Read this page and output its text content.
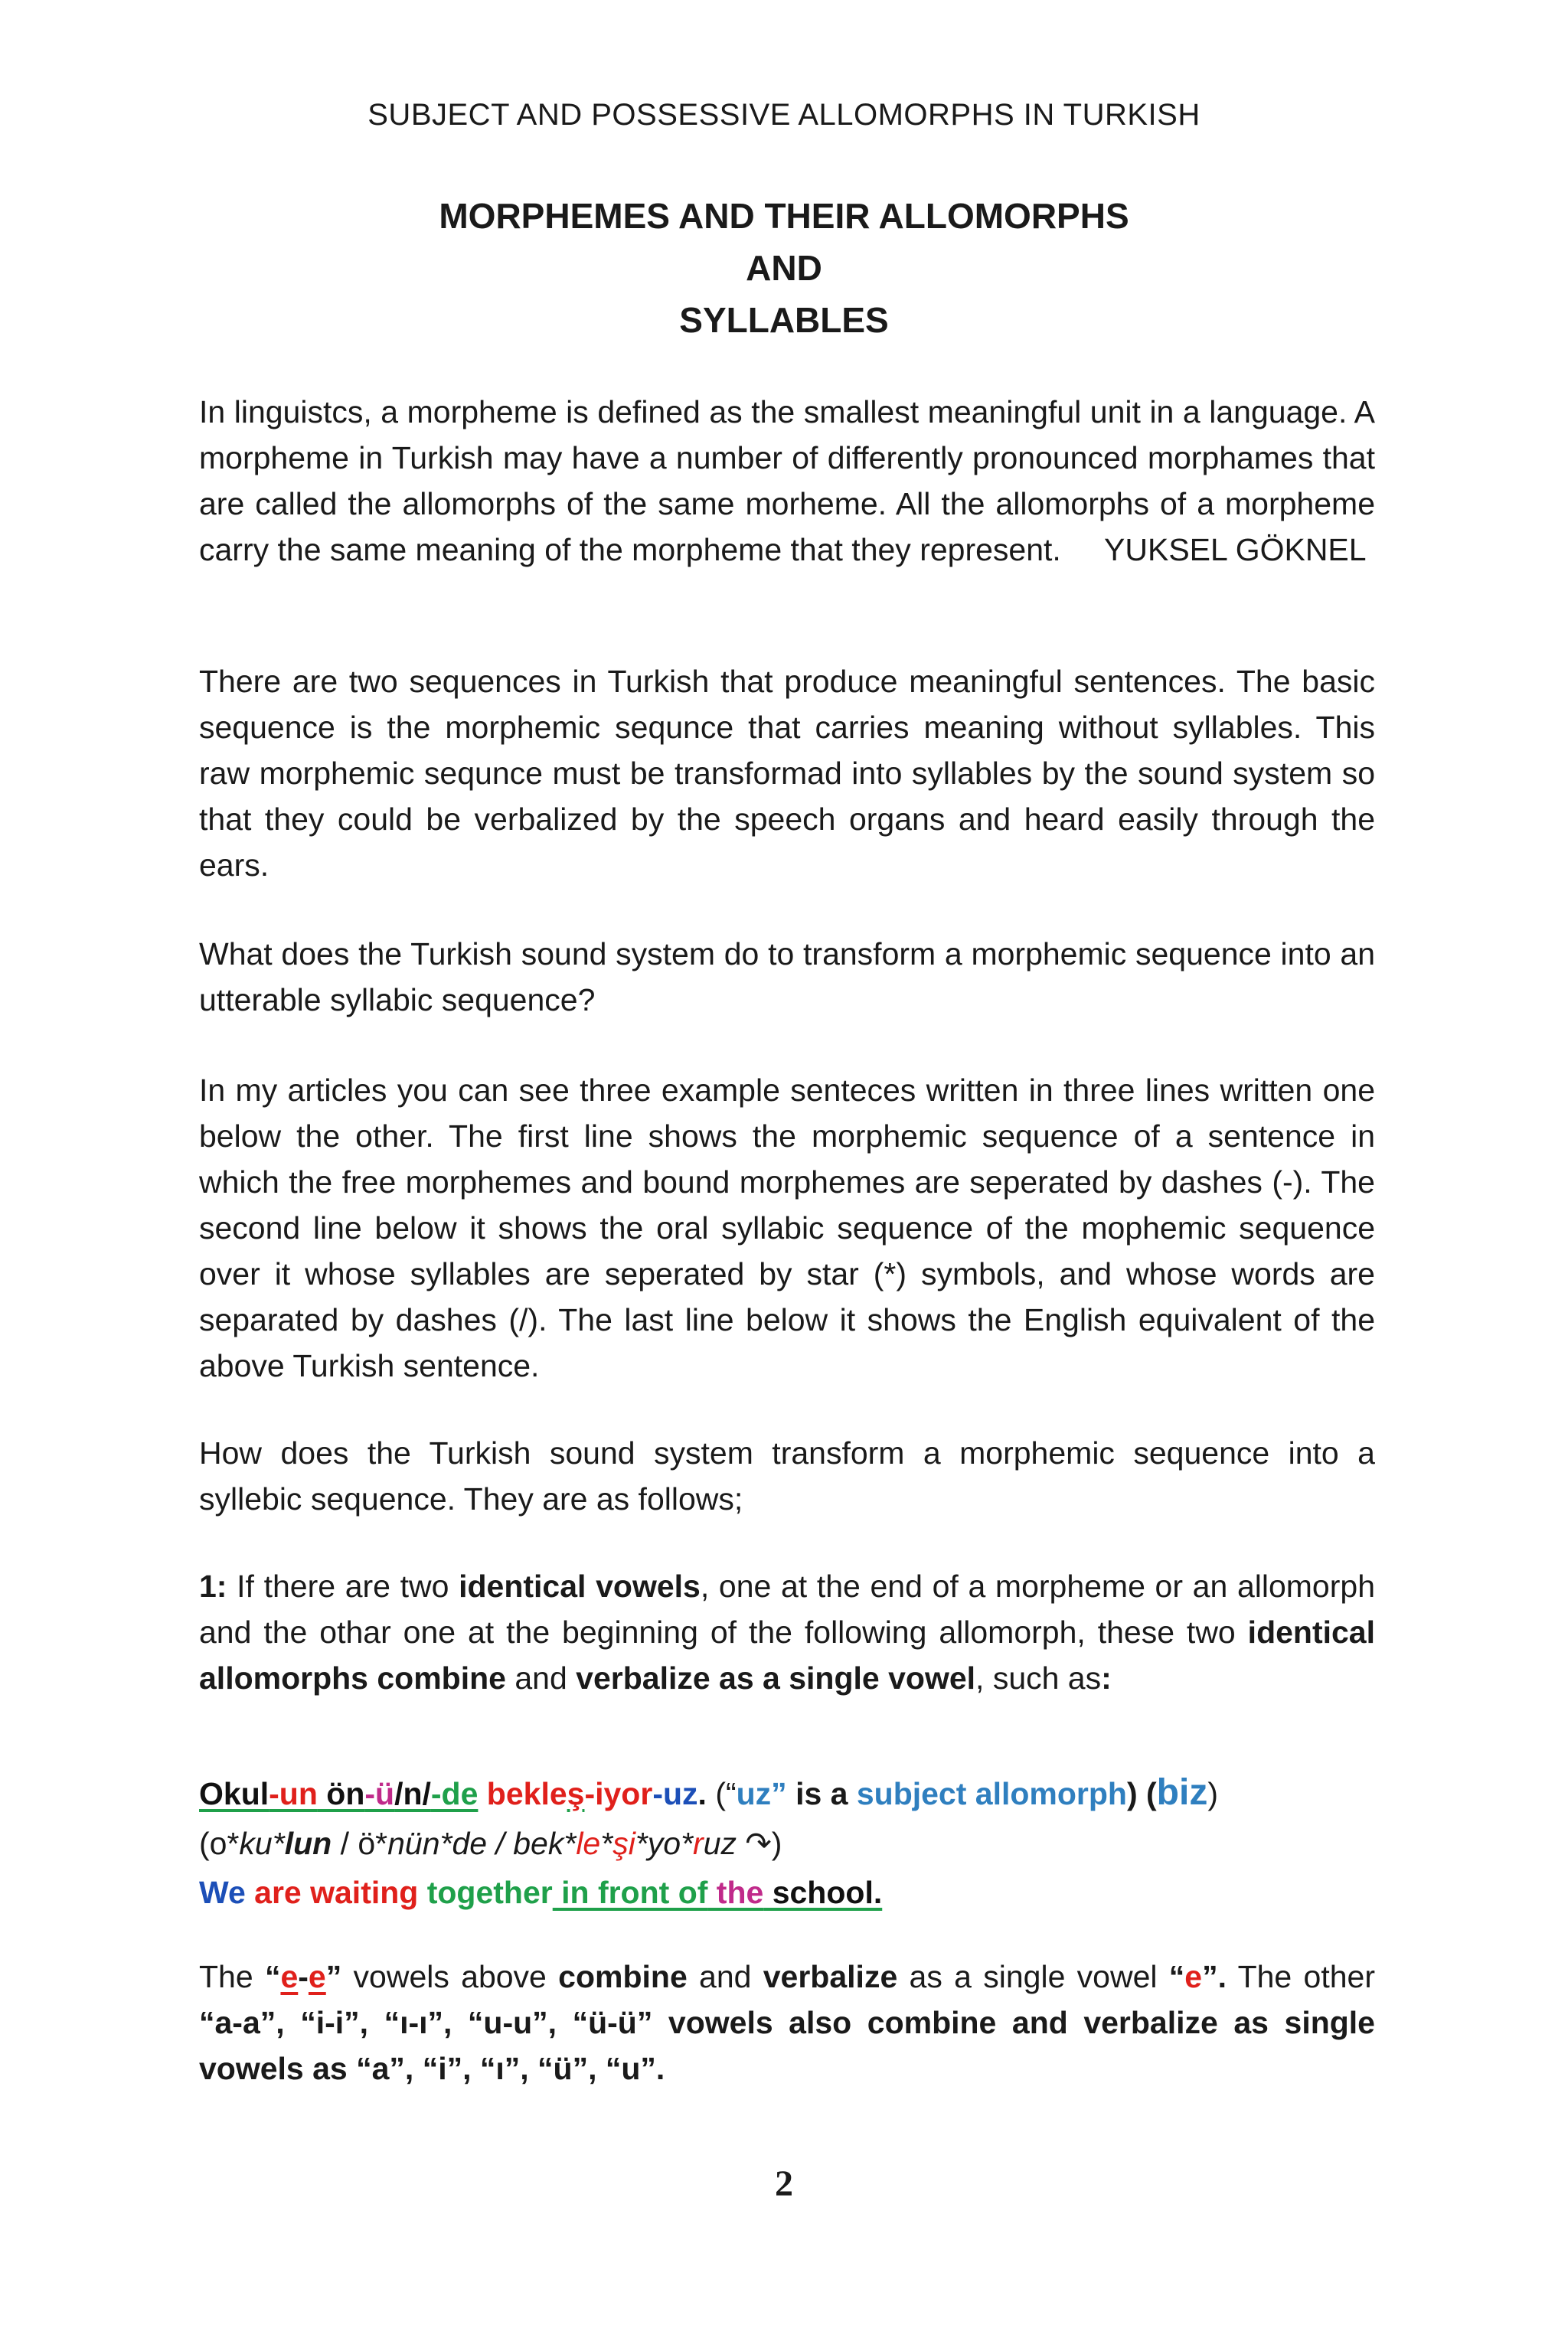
SUBJECT AND POSSESSIVE ALLOMORPHS IN TURKISH
MORPHEMES AND THEIR ALLOMORPHS
AND
SYLLABLES

In linguistcs, a morpheme is defined as the smallest meaningful unit in a language. A morpheme in Turkish may have a number of differently pronounced morphames that are called the allomorphs of the same morheme. All the allomorphs of a morpheme carry the same meaning of the morpheme that they represent. YUKSEL GÖKNEL

There are two sequences in Turkish that produce meaningful sentences. The basic sequence is the morphemic sequnce that carries meaning without syllables. This raw morphemic sequnce must be transformad into syllables by the sound system so that they could be verbalized by the speech organs and heard easily through the ears.

What does the Turkish sound system do to transform a morphemic sequence into an utterable syllabic sequence?

In my articles you can see three example senteces written in three lines written one below the other. The first line shows the morphemic sequence of a sentence in which the free morphemes and bound morphemes are seperated by dashes (-). The second line below it shows the oral syllabic sequence of the mophemic sequence over it whose syllables are seperated by star (*) symbols, and whose words are separated by dashes (/). The last line below it shows the English equivalent of the above Turkish sentence.

How does the Turkish sound system transform a morphemic sequence into a syllebic sequence. They are as follows;

1: If there are two identical vowels, one at the end of a morpheme or an allomorph and the othar one at the beginning of the following allomorph, these two identical allomorphs combine and verbalize as a single vowel, such as:

Okul-un ön-ü/n/-de bekleş-iyor-uz. (“uz” is a subject allomorph) (biz)
(o*ku*lun / ö*nün*de / bek*le*şi*yo*ruz ↷)
We are waiting together in front of the school.

The “e-e” vowels above combine and verbalize as a single vowel “e”. The other “a-a”, “i-i”, “ı-ı”, “u-u”, “ü-ü” vowels also combine and verbalize as single vowels as “a”, “i”, “ı”, “ü”, “u”.

2
